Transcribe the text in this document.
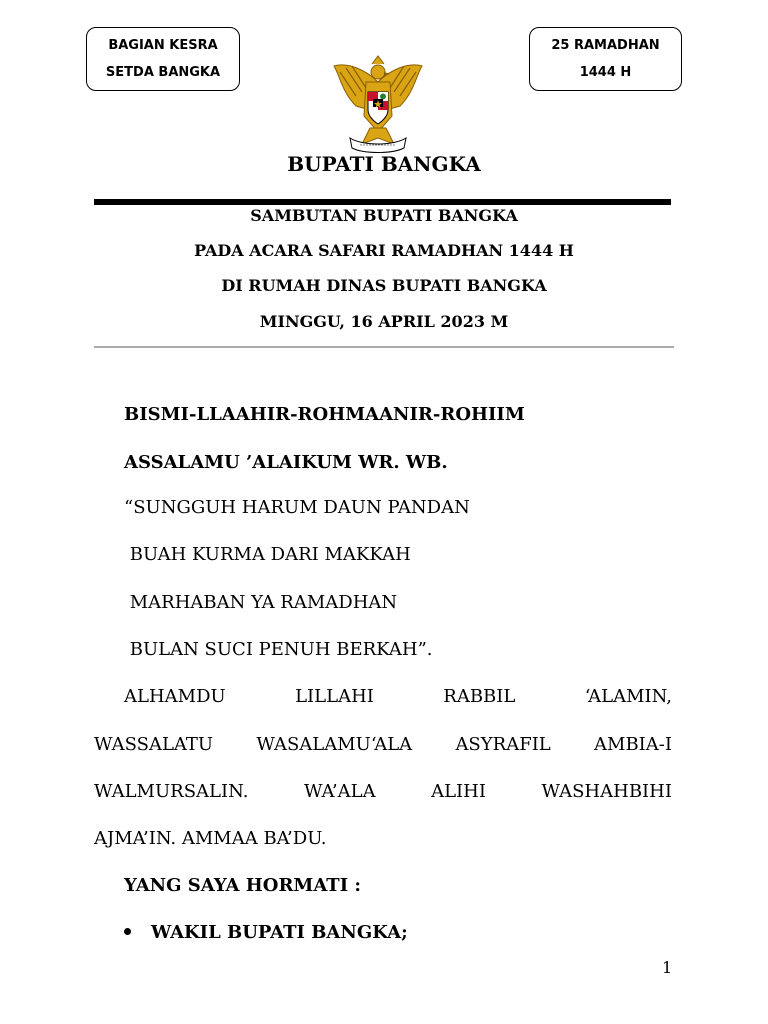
BAGIAN KESRA
SETDA BANGKA
25 RAMADHAN
1444 H
BUPATI BANGKA
SAMBUTAN BUPATI BANGKA
PADA ACARA SAFARI RAMADHAN 1444 H
DI RUMAH DINAS BUPATI BANGKA
MINGGU, 16 APRIL 2023 M
BISMI-LLAAHIR-ROHMAANIR-ROHIIM
ASSALAMU ’ALAIKUM WR. WB.
“SUNGGUH HARUM DAUN PANDAN
BUAH KURMA DARI MAKKAH
MARHABAN YA RAMADHAN
BULAN SUCI PENUH BERKAH”.
ALHAMDU	LILLAHI	RABBIL	‘ALAMIN,
WASSALATU WASALAMU‘ALA ASYRAFIL AMBIA-I
WALMURSALIN.	WA’ALA	ALIHI	WASHAHBIHI
AJMA’IN. AMMAA BA’DU.
YANG SAYA HORMATI :
WAKIL BUPATI BANGKA;
1
